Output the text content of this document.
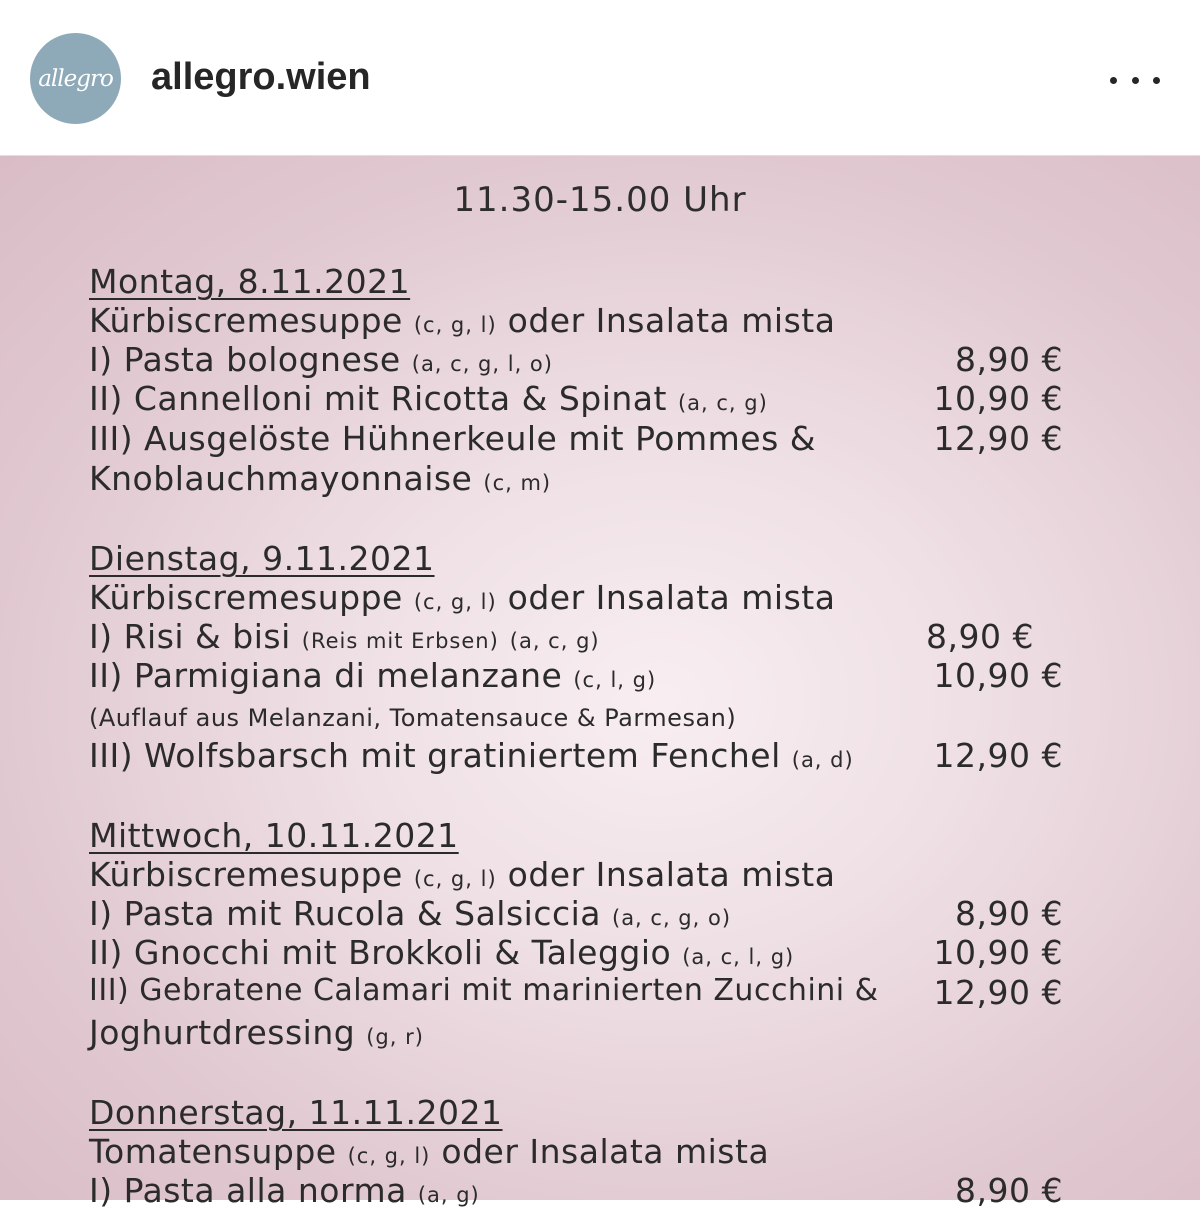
allegro allegro.wien
11.30-15.00 Uhr
Montag, 8.11.2021
Kürbiscremesuppe (c, g, l) oder Insalata mista
I) Pasta bolognese (a, c, g, l, o)	8,90 €
II) Cannelloni mit Ricotta & Spinat (a, c, g)	10,90 €
III) Ausgelöste Hühnerkeule mit Pommes &	12,90 €
Knoblauchmayonnaise (c, m)
Dienstag, 9.11.2021
Kürbiscremesuppe (c, g, l) oder Insalata mista
I) Risi & bisi (Reis mit Erbsen) (a, c, g)	8,90 €
II) Parmigiana di melanzane (c, l, g)	10,90 €
(Auflauf aus Melanzani, Tomatensauce & Parmesan)
III) Wolfsbarsch mit gratiniertem Fenchel (a, d) 12,90 €
Mittwoch, 10.11.2021
Kürbiscremesuppe (c, g, l) oder Insalata mista
I) Pasta mit Rucola & Salsiccia (a, c, g, o)	8,90 €
II) Gnocchi mit Brokkoli & Taleggio (a, c, l, g)	10,90 €
III) Gebratene Calamari mit marinierten Zucchini & 12,90 €
Joghurtdressing (g, r)
Donnerstag, 11.11.2021
Tomatensuppe (c, g, l) oder Insalata mista
I) Pasta alla norma (a, g)	8,90 €
